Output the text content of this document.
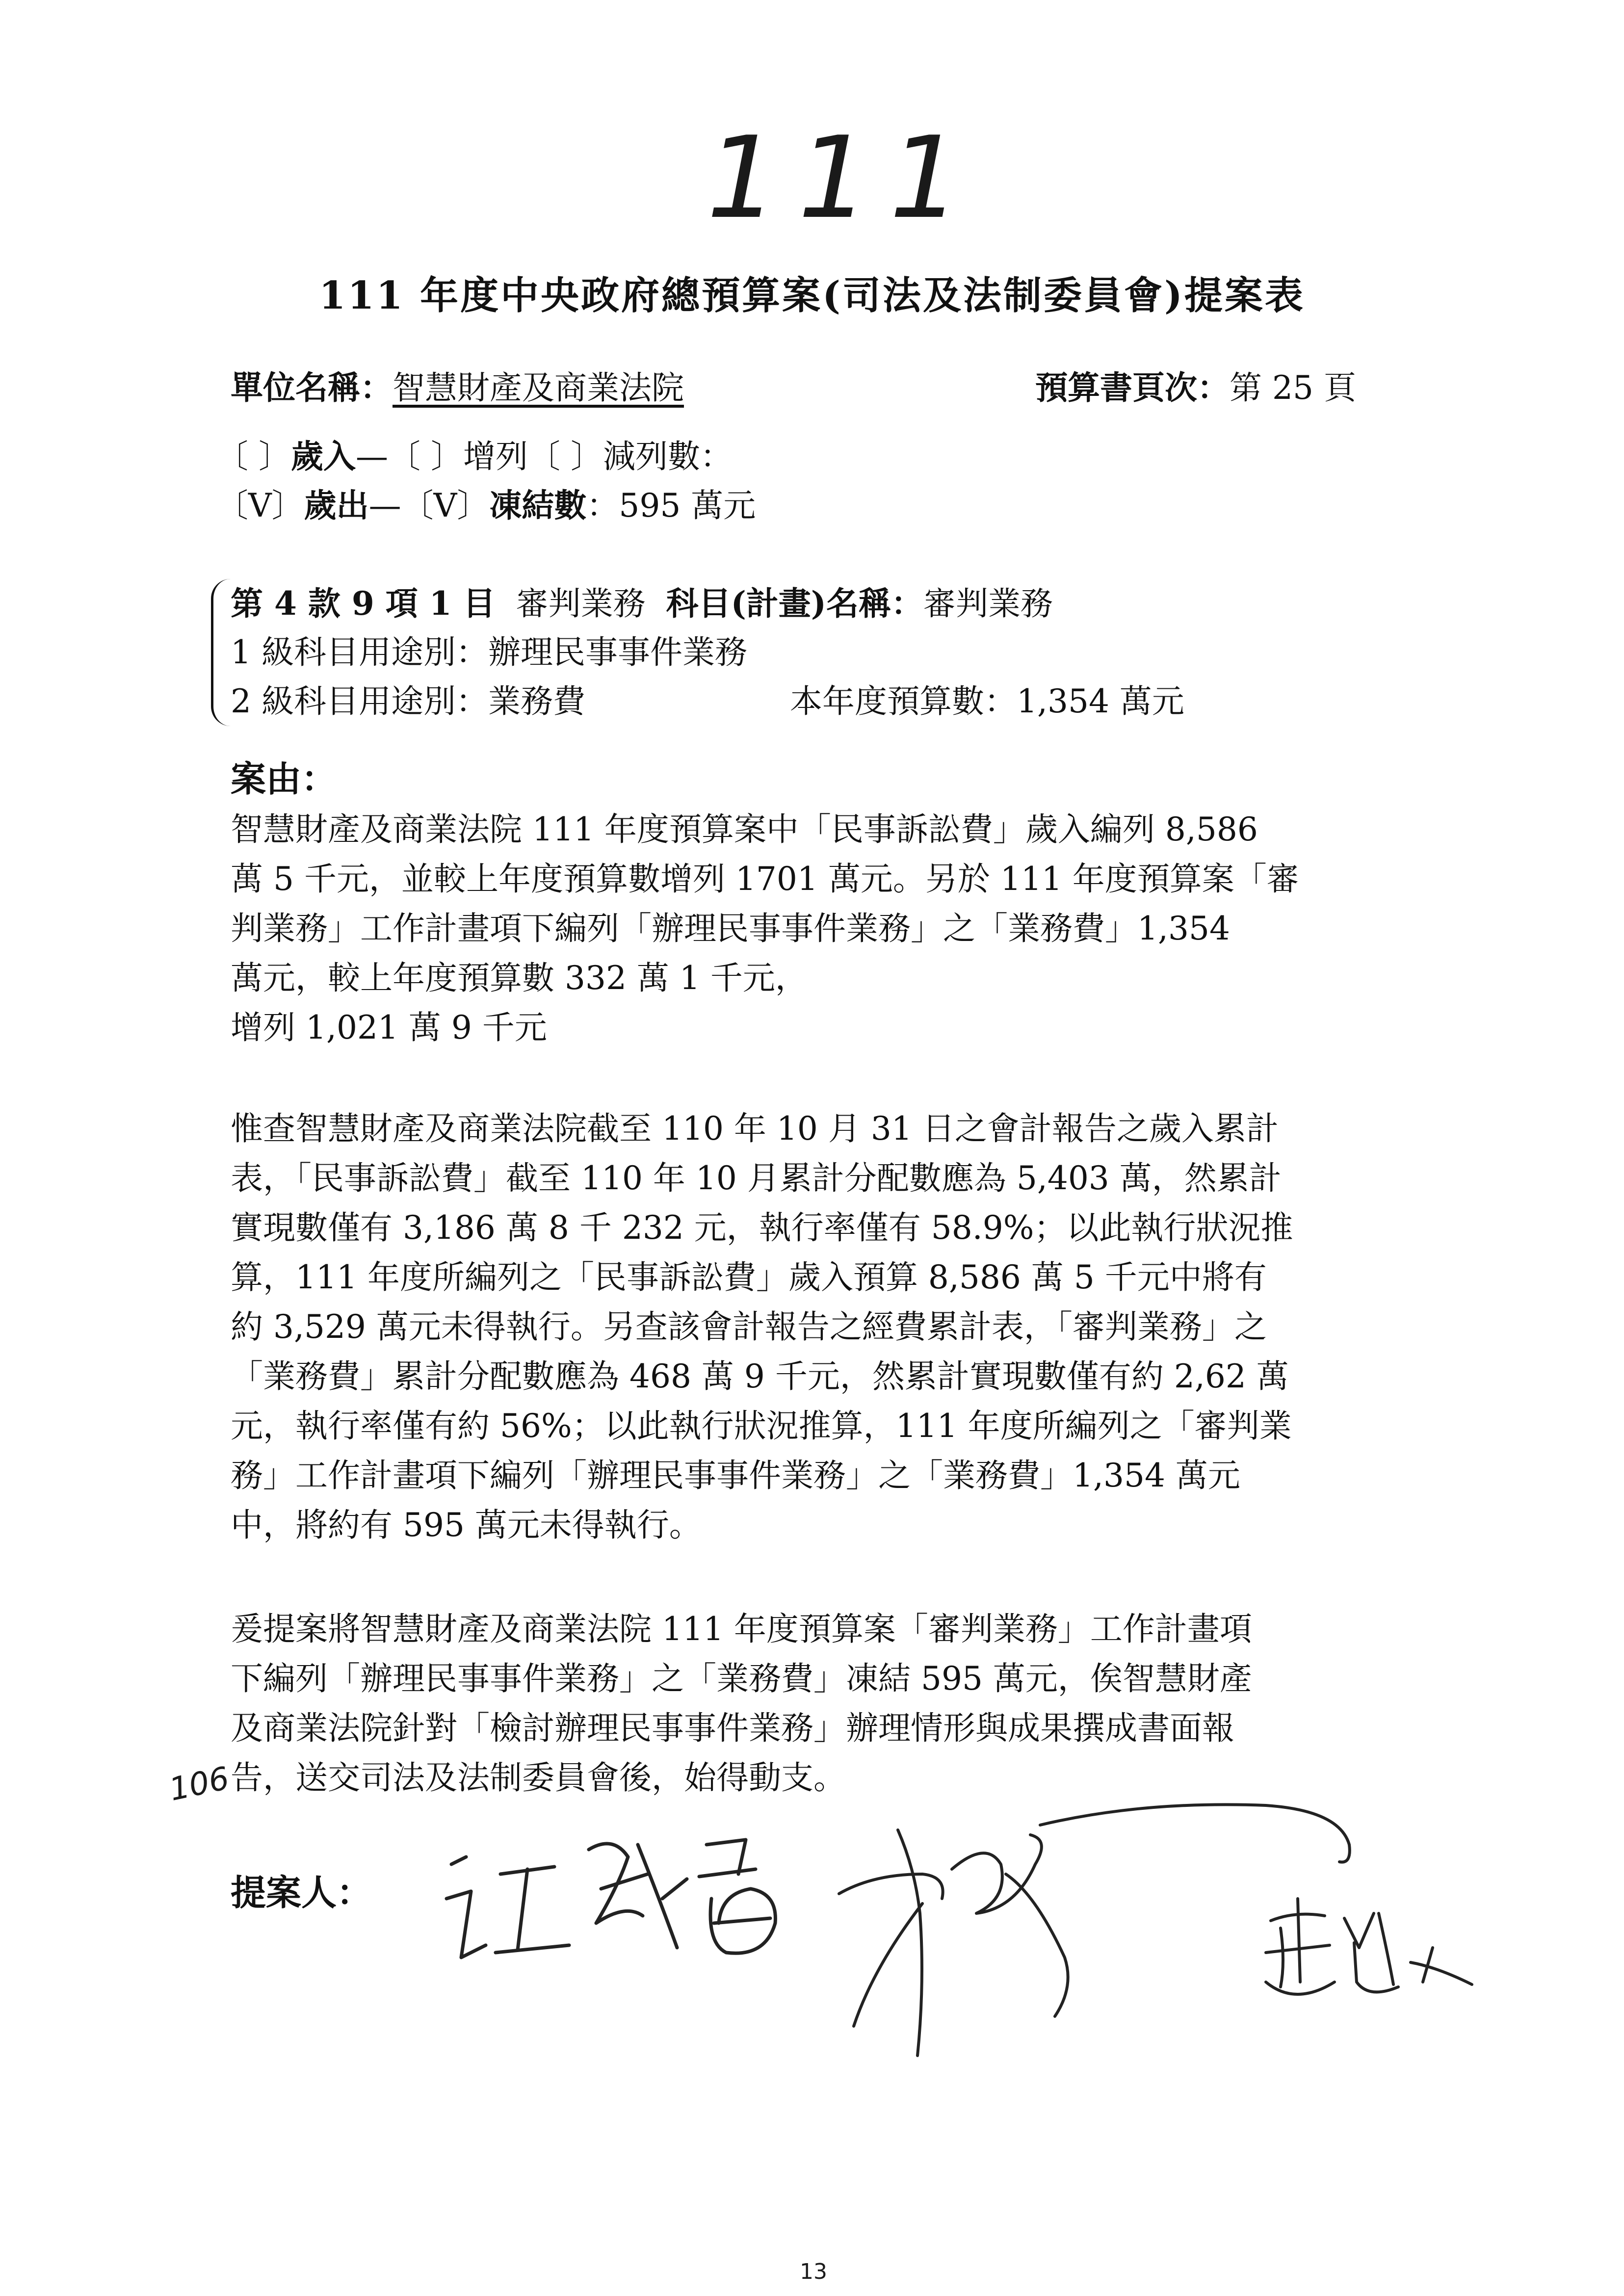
111
111 年度中央政府總預算案(司法及法制委員會)提案表
單位名稱：智慧財產及商業法院	預算書頁次：第 25 頁
〔 〕歲入—〔 〕增列〔 〕減列數：
〔V〕歲出—〔V〕凍結數：595 萬元
第 4 款 9 項 1 目 審判業務 科目(計畫)名稱：審判業務
1 級科目用途別：辦理民事事件業務
2 級科目用途別：業務費	本年度預算數：1,354 萬元
案由：

智慧財產及商業法院 111 年度預算案中「民事訴訟費」歲入編列 8,586

萬 5 千元，並較上年度預算數增列 1701 萬元。另於 111 年度預算案「審

判業務」工作計畫項下編列「辦理民事事件業務」之「業務費」1,354

萬元，較上年度預算數 332 萬 1 千元，

增列 1,021 萬 9 千元

惟查智慧財產及商業法院截至 110 年 10 月 31 日之會計報告之歲入累計

表，「民事訴訟費」截至 110 年 10 月累計分配數應為 5,403 萬，然累計

實現數僅有 3,186 萬 8 千 232 元，執行率僅有 58.9%；以此執行狀況推

算，111 年度所編列之「民事訴訟費」歲入預算 8,586 萬 5 千元中將有

約 3,529 萬元未得執行。另查該會計報告之經費累計表，「審判業務」之

「業務費」累計分配數應為 468 萬 9 千元，然累計實現數僅有約 2,62 萬

元，執行率僅有約 56%；以此執行狀況推算，111 年度所編列之「審判業

務」工作計畫項下編列「辦理民事事件業務」之「業務費」1,354 萬元

中，將約有 595 萬元未得執行。

爰提案將智慧財產及商業法院 111 年度預算案「審判業務」工作計畫項

下編列「辦理民事事件業務」之「業務費」凍結 595 萬元，俟智慧財產

及商業法院針對「檢討辦理民事事件業務」辦理情形與成果撰成書面報

告，送交司法及法制委員會後，始得動支。

106
提案人：
13
